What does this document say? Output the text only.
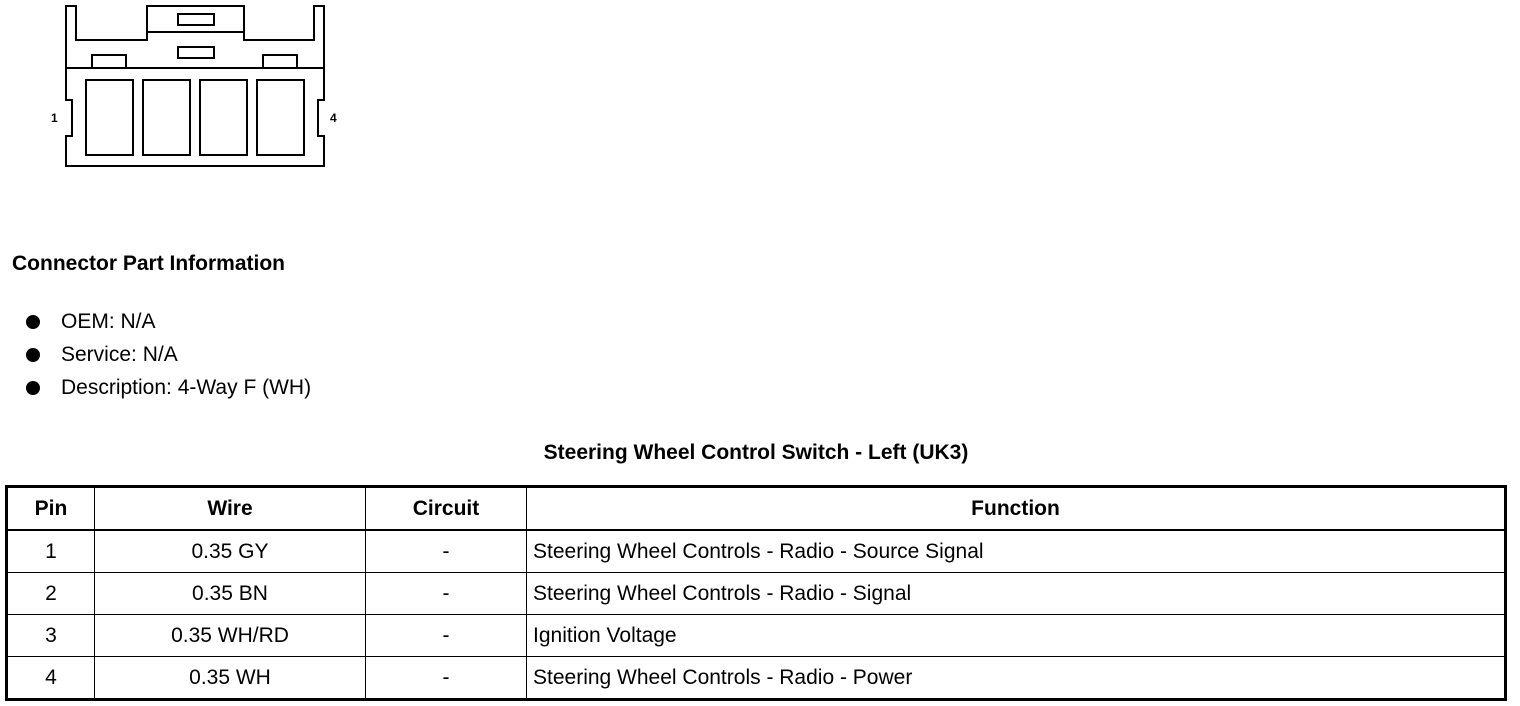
1	4
Connector Part Information
OEM: N/A
Service: N/A
Description: 4-Way F (WH)
Steering Wheel Control Switch - Left (UK3)
Pin	Wire	Circuit	Function
1	0.35 GY	-	Steering Wheel Controls - Radio - Source Signal
2	0.35 BN	-	Steering Wheel Controls - Radio - Signal
3	0.35 WH/RD	-	Ignition Voltage
4	0.35 WH	-	Steering Wheel Controls - Radio - Power
